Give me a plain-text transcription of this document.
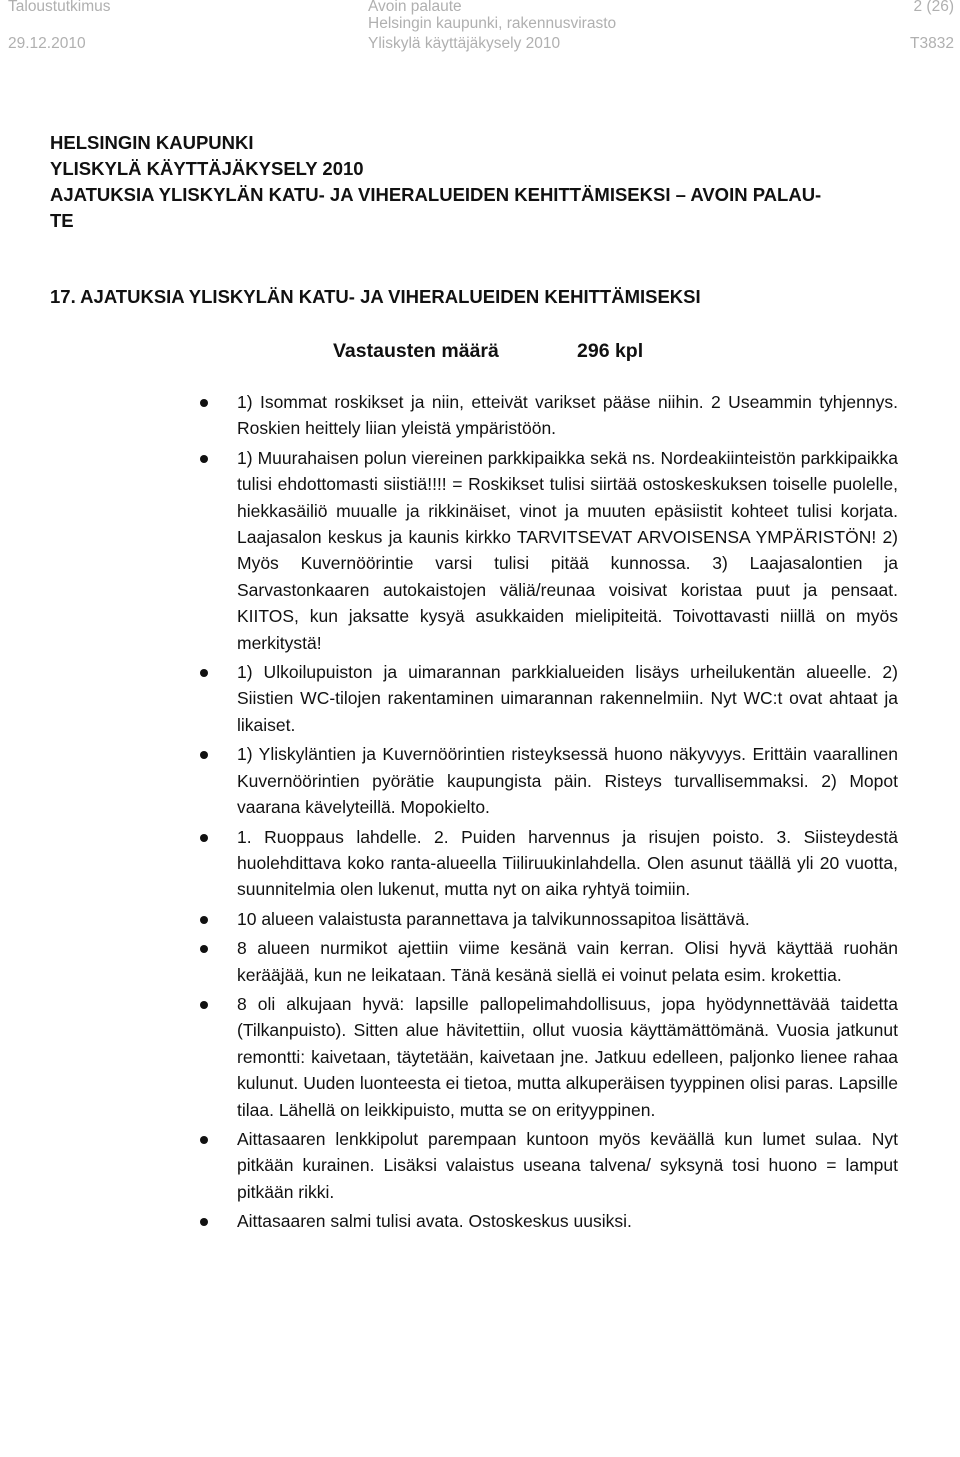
Taloustutkimus	Avoin palaute	2 (26)
Helsingin kaupunki, rakennusvirasto
29.12.2010	Yliskylä käyttäjäkysely 2010	T3832
HELSINGIN KAUPUNKI
YLISKYLÄ KÄYTTÄJÄKYSELY 2010
AJATUKSIA YLISKYLÄN KATU- JA VIHERALUEIDEN KEHITTÄMISEKSI – AVOIN PALAU-
TE
17. AJATUKSIA YLISKYLÄN KATU- JA VIHERALUEIDEN KEHITTÄMISEKSI
Vastausten määrä	296 kpl
1) Isommat roskikset ja niin, etteivät varikset pääse niihin. 2 Useammin tyhjennys. Roskien heittely liian yleistä ympäristöön.
1) Muurahaisen polun viereinen parkkipaikka sekä ns. Nordeakiinteistön parkkipaikka tulisi ehdottomasti siistiä!!!! = Roskikset tulisi siirtää ostoskeskuksen toiselle puolelle, hiekkasäiliö muualle ja rikkinäiset, vinot ja muuten epäsiistit kohteet tulisi korjata. Laajasalon keskus ja kaunis kirkko TARVITSEVAT ARVOISENSA YMPÄRISTÖN! 2) Myös Kuvernöörintie varsi tulisi pitää kunnossa. 3) Laajasalontien ja Sarvastonkaaren autokaistojen väliä/reunaa voisivat koristaa puut ja pensaat. KIITOS, kun jaksatte kysyä asukkaiden mielipiteitä. Toivottavasti niillä on myös merkitystä!
1) Ulkoilupuiston ja uimarannan parkkialueiden lisäys urheilukentän alueelle. 2) Siistien WC-tilojen rakentaminen uimarannan rakennelmiin. Nyt WC:t ovat ahtaat ja likaiset.
1) Yliskyläntien ja Kuvernöörintien risteyksessä huono näkyvyys. Erittäin vaarallinen Kuvernöörintien pyörätie kaupungista päin. Risteys turvallisemmaksi. 2) Mopot vaarana kävelyteillä. Mopokielto.
1. Ruoppaus lahdelle. 2. Puiden harvennus ja risujen poisto. 3. Siisteydestä huolehdittava koko ranta-alueella Tiiliruukinlahdella. Olen asunut täällä yli 20 vuotta, suunnitelmia olen lukenut, mutta nyt on aika ryhtyä toimiin.
10 alueen valaistusta parannettava ja talvikunnossapitoa lisättävä.
8 alueen nurmikot ajettiin viime kesänä vain kerran. Olisi hyvä käyttää ruohän kerääjää, kun ne leikataan. Tänä kesänä siellä ei voinut pelata esim. krokettia.
8 oli alkujaan hyvä: lapsille pallopelimahdollisuus, jopa hyödynnettävää taidetta (Tilkanpuisto). Sitten alue hävitettiin, ollut vuosia käyttämättömänä. Vuosia jatkunut remontti: kaivetaan, täytetään, kaivetaan jne. Jatkuu edelleen, paljonko lienee rahaa kulunut. Uuden luonteesta ei tietoa, mutta alkuperäisen tyyppinen olisi paras. Lapsille tilaa. Lähellä on leikkipuisto, mutta se on erityyppinen.
Aittasaaren lenkkipolut parempaan kuntoon myös keväällä kun lumet sulaa. Nyt pitkään kurainen. Lisäksi valaistus useana talvena/ syksynä tosi huono = lamput pitkään rikki.
Aittasaaren salmi tulisi avata. Ostoskeskus uusiksi.
